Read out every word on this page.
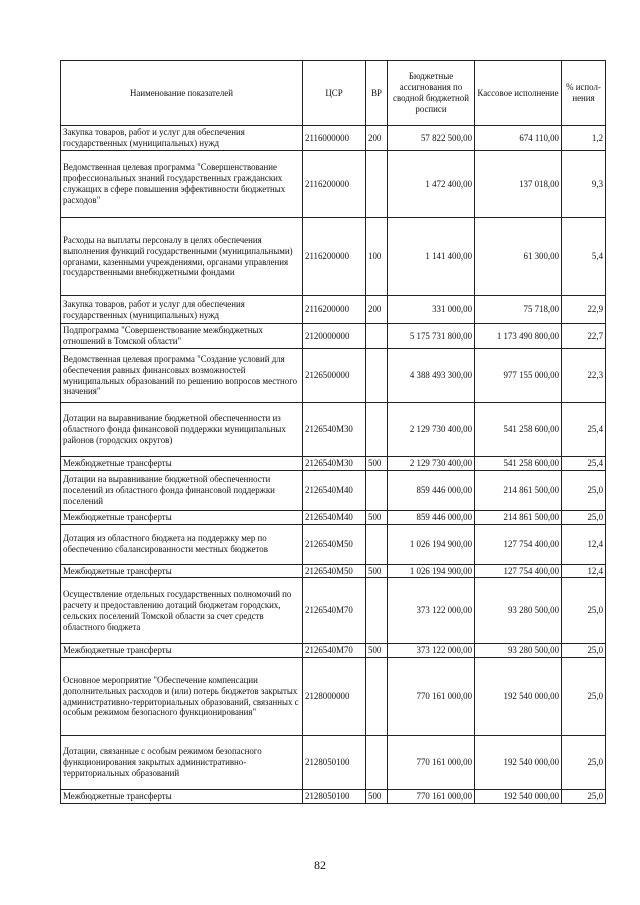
Наименование показателей	ЦСР	ВР	Бюджетные ассигнования по сводной бюджетной росписи	Кассовое исполнение	% испол-нения
Закупка товаров, работ и услуг для обеспечения государственных (муниципальных) нужд	2116000000	200	57 822 500,00	674 110,00	1,2
Ведомственная целевая программа "Совершенствование профессиональных знаний государственных гражданских служащих в сфере повышения эффективности бюджетных расходов"	2116200000		1 472 400,00	137 018,00	9,3
Расходы на выплаты персоналу в целях обеспечения выполнения функций государственными (муниципальными) органами, казенными учреждениями, органами управления государственными внебюджетными фондами	2116200000	100	1 141 400,00	61 300,00	5,4
Закупка товаров, работ и услуг для обеспечения государственных (муниципальных) нужд	2116200000	200	331 000,00	75 718,00	22,9
Подпрограмма "Совершенствование межбюджетных отношений в Томской области"	2120000000		5 175 731 800,00	1 173 490 800,00	22,7
Ведомственная целевая программа "Создание условий для обеспечения равных финансовых возможностей муниципальных образований по решению вопросов местного значения"	2126500000		4 388 493 300,00	977 155 000,00	22,3
Дотации на выравнивание бюджетной обеспеченности из областного фонда финансовой поддержки муниципальных районов (городских округов)	2126540М30		2 129 730 400,00	541 258 600,00	25,4
Межбюджетные трансферты	2126540М30	500	2 129 730 400,00	541 258 600,00	25,4
Дотации на выравнивание бюджетной обеспеченности поселений из областного фонда финансовой поддержки поселений	2126540М40		859 446 000,00	214 861 500,00	25,0
Межбюджетные трансферты	2126540М40	500	859 446 000,00	214 861 500,00	25,0
Дотация из областного бюджета на поддержку мер по обеспечению сбалансированности местных бюджетов	2126540М50		1 026 194 900,00	127 754 400,00	12,4
Межбюджетные трансферты	2126540М50	500	1 026 194 900,00	127 754 400,00	12,4
Осуществление отдельных государственных полномочий по расчету и предоставлению дотаций бюджетам городских, сельских поселений Томской области за счет средств областного бюджета	2126540М70		373 122 000,00	93 280 500,00	25,0
Межбюджетные трансферты	2126540М70	500	373 122 000,00	93 280 500,00	25,0
Основное мероприятие "Обеспечение компенсации дополнительных расходов и (или) потерь бюджетов закрытых административно-территориальных образований, связанных с особым режимом безопасного функционирования"	2128000000		770 161 000,00	192 540 000,00	25,0
Дотации, связанные с особым режимом безопасного функционирования закрытых административно-территориальных образований	2128050100		770 161 000,00	192 540 000,00	25,0
Межбюджетные трансферты	2128050100	500	770 161 000,00	192 540 000,00	25,0
82
